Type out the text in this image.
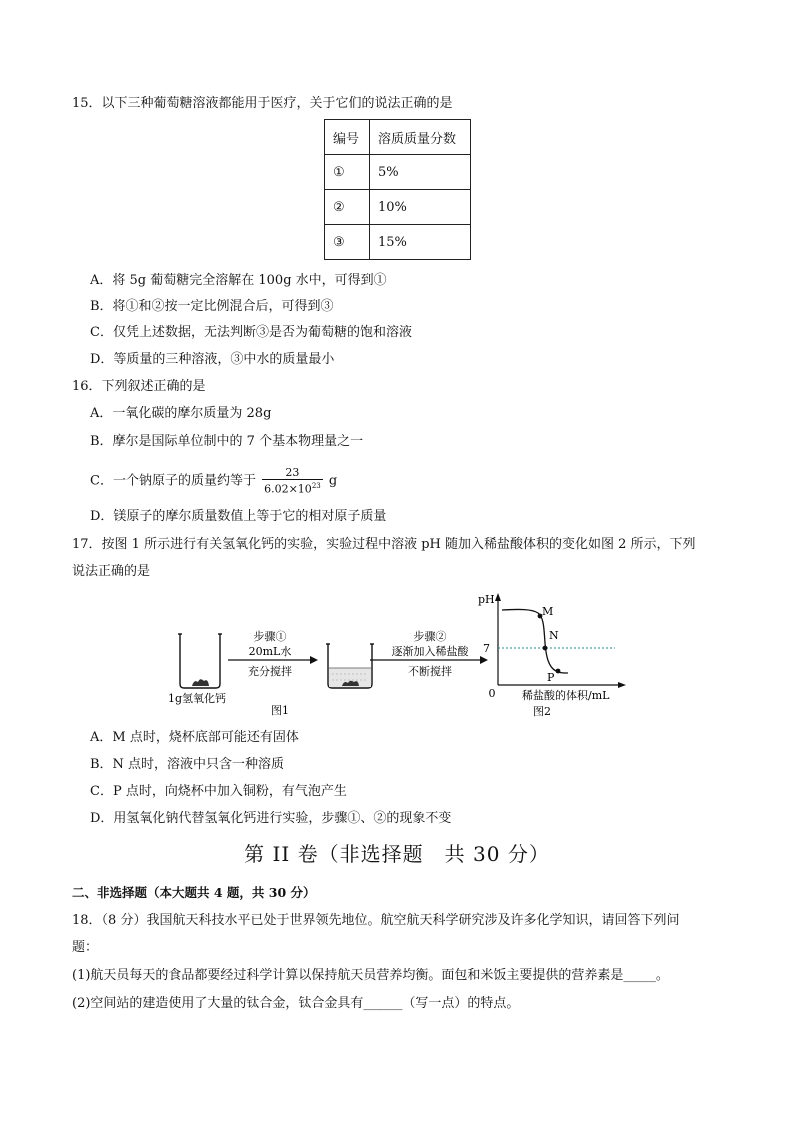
15．以下三种葡萄糖溶液都能用于医疗，关于它们的说法正确的是
编号	溶质质量分数
①	5%
②	10%
③	15%
A．将 5g 葡萄糖完全溶解在 100g 水中，可得到①
B．将①和②按一定比例混合后，可得到③
C．仅凭上述数据，无法判断③是否为葡萄糖的饱和溶液
D．等质量的三种溶液，③中水的质量最小
16．下列叙述正确的是
A．一氧化碳的摩尔质量为 28g
B．摩尔是国际单位制中的 7 个基本物理量之一
C．一个钠原子的质量约等于 $\frac{23}{6.02\times 10^{23}}$ g
D．镁原子的摩尔质量数值上等于它的相对原子质量
17．按图 1 所示进行有关氢氧化钙的实验，实验过程中溶液 pH 随加入稀盐酸体积的变化如图 2 所示，下列
说法正确的是
1g氢氧化钙
步骤①
20mL水
充分搅拌
图1
步骤②
逐渐加入稀盐酸
不断搅拌
pH
0
7
M
N
P
稀盐酸的体积/mL
图2
A．M 点时，烧杯底部可能还有固体
B．N 点时，溶液中只含一种溶质
C．P 点时，向烧杯中加入铜粉，有气泡产生
D．用氢氧化钠代替氢氧化钙进行实验，步骤①、②的现象不变
第 II 卷（非选择题　共 30 分）
二、非选择题（本大题共 4 题，共 30 分）
18．（8 分）我国航天科技水平已处于世界领先地位。航空航天科学研究涉及许多化学知识，请回答下列问
题：
(1)航天员每天的食品都要经过科学计算以保持航天员营养均衡。面包和米饭主要提供的营养素是_____。
(2)空间站的建造使用了大量的钛合金，钛合金具有______（写一点）的特点。
